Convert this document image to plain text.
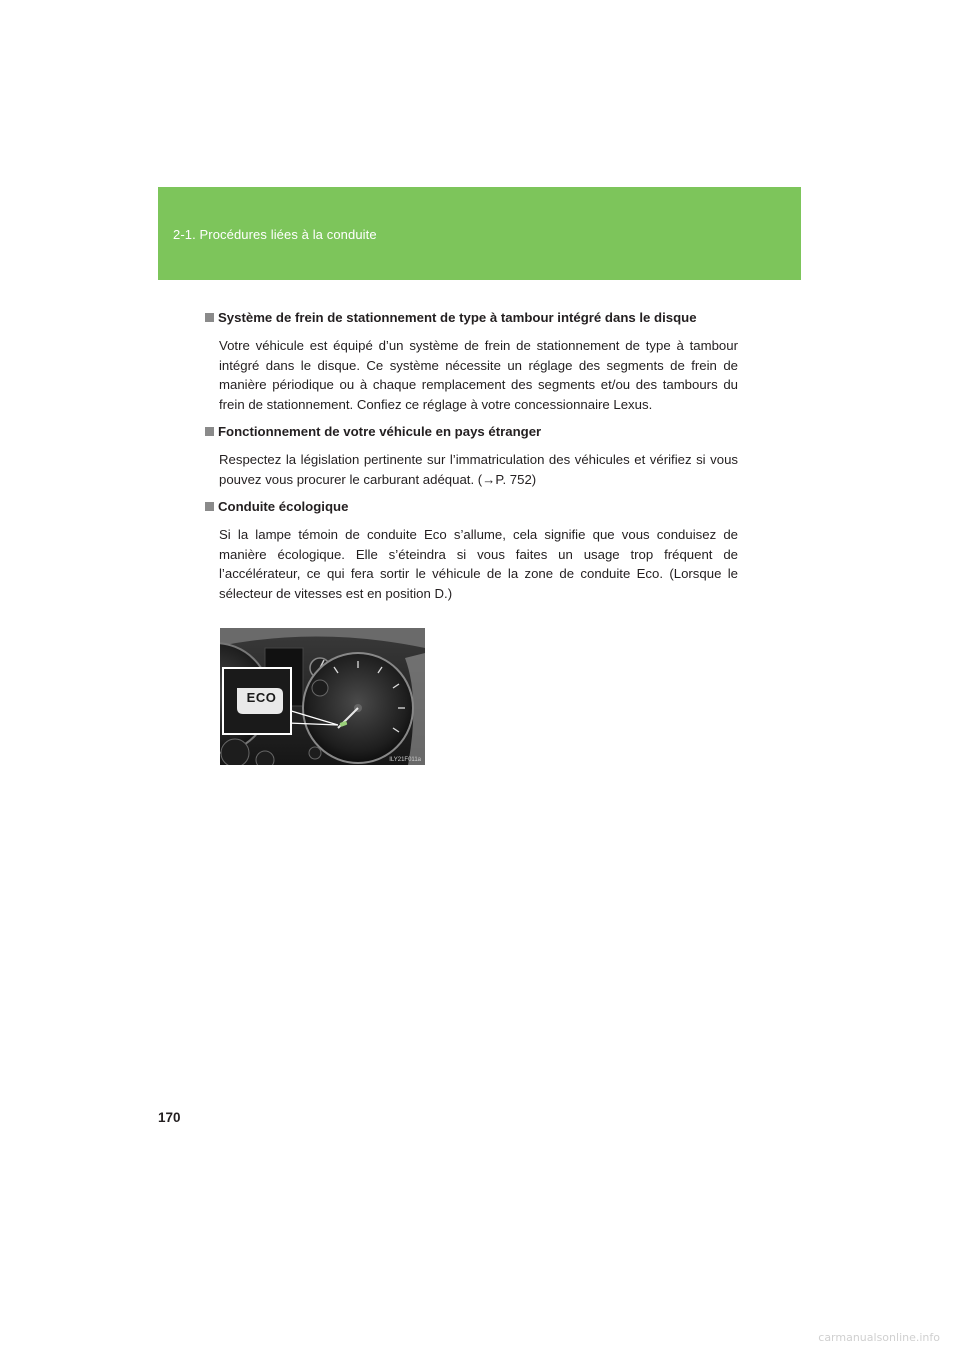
2-1. Procédures liées à la conduite
Système de frein de stationnement de type à tambour intégré dans le disque
Votre véhicule est équipé d’un système de frein de stationnement de type à tambour intégré dans le disque. Ce système nécessite un réglage des segments de frein de manière périodique ou à chaque remplacement des segments et/ou des tambours du frein de stationnement. Confiez ce réglage à votre concessionnaire Lexus.
Fonctionnement de votre véhicule en pays étranger
Respectez la législation pertinente sur l’immatriculation des véhicules et vérifiez si vous pouvez vous procurer le carburant adéquat. (→P. 752)
Conduite écologique
Si la lampe témoin de conduite Eco s’allume, cela signifie que vous conduisez de manière écologique. Elle s’éteindra si vous faites un usage trop fréquent de l’accélérateur, ce qui fera sortir le véhicule de la zone de conduite Eco. (Lorsque le sélecteur de vitesses est en position D.)
ECO
ILY21F011a
170
carmanualsonline.info
